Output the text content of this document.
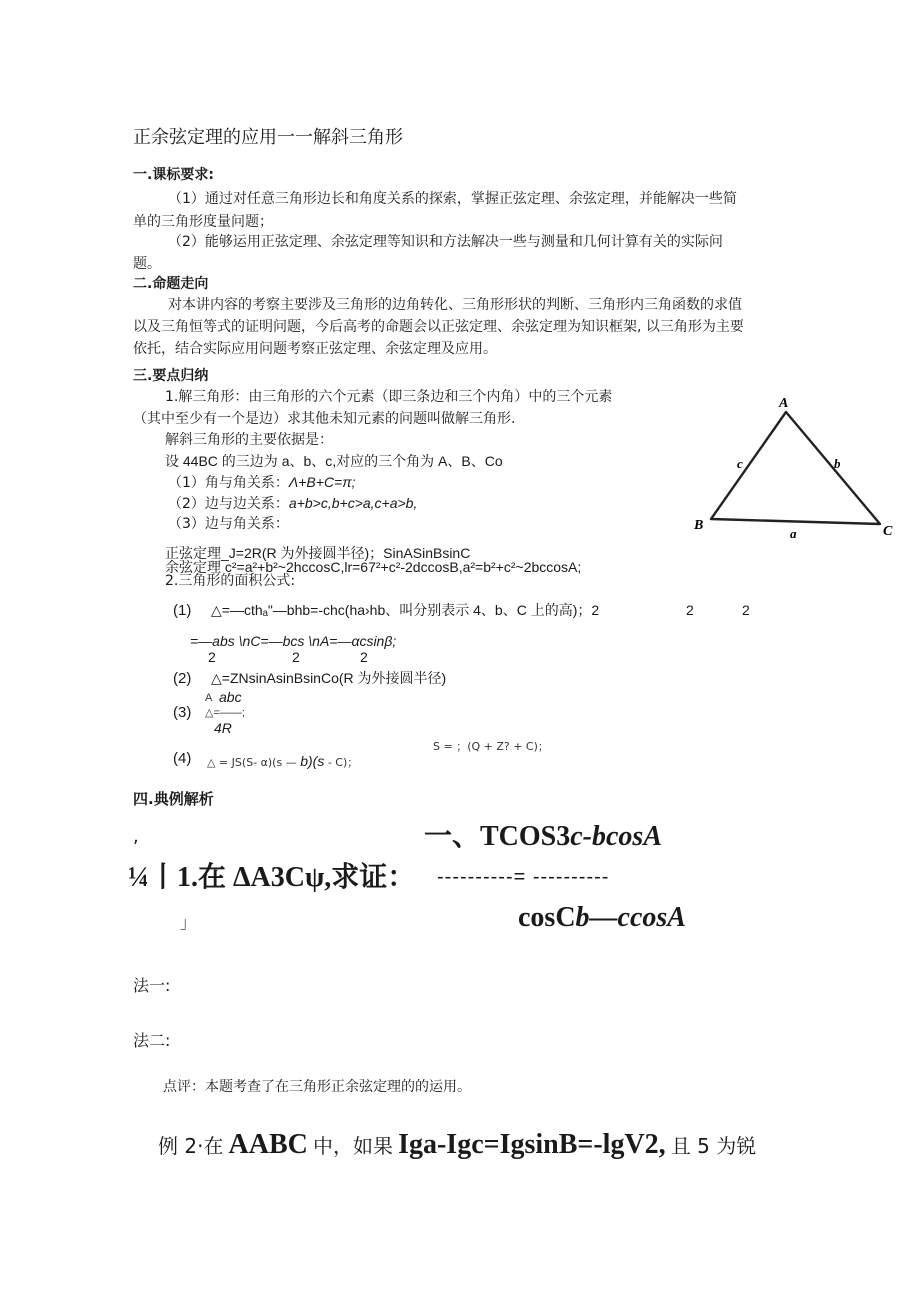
正余弦定理的应用一一解斜三角形
一.课标要求:
（1）通过对任意三角形边长和角度关系的探索，掌握正弦定理、余弦定理，并能解决一些简
单的三角形度量问题；
（2）能够运用正弦定理、余弦定理等知识和方法解决一些与测量和几何计算有关的实际问
题。
二.命题走向
对本讲内容的考察主要涉及三角形的边角转化、三角形形状的判断、三角形内三角函数的求值
以及三角恒等式的证明问题，今后高考的命题会以正弦定理、余弦定理为知识框架, 以三角形为主要
依托，结合实际应用问题考察正弦定理、余弦定理及应用。
三.要点归纳
1.解三角形：由三角形的六个元素（即三条边和三个内角）中的三个元素
（其中至少有一个是边）求其他未知元素的问题叫做解三角形.
解斜三角形的主要依据是：
设 44BC 的三边为 a、b、c,对应的三个角为 A、B、Co
（1）角与角关系：Λ+B+C=π;
（2）边与边关系：a+b>c,b+c>a,c+a>b,
（3）边与角关系：
A
B	C
c	b
a
正弦定理_J=2R(R 为外接圆半径)；SinASinBsinC
余弦定理 c²=a²+b²~2hccosC,lr=67²+c²-2dccosB,a²=b²+c²~2bccosA;
2.三角形的面积公式:
(1) △=—cthₐ"—bhb=-chc(ha›hb、叫分别表示 4、b、C 上的高)；2	2	2
=—abs \nC=—bcs \nA=—αcsinβ;
2	2	2
(2) △=ZNsinAsinBsinCo(R 为外接圆半径)
A abc
(3) △=——;
4R
(4) △ = JS(S- α)(s — b)(s - C)；
S = ；(Q + Z? + C)；
四.典例解析
,	一、TCOS3c-bcosA
¼丨1.在 ΔA3Cψ,求证： ----------= ----------
」	cosCb—ccosA
法一:
法二:
点评：本题考查了在三角形正余弦定理的的运用。
例 2·在 AABC 中，如果 Iga-Igc=IgsinB=-lgV2, 且 5 为锐
